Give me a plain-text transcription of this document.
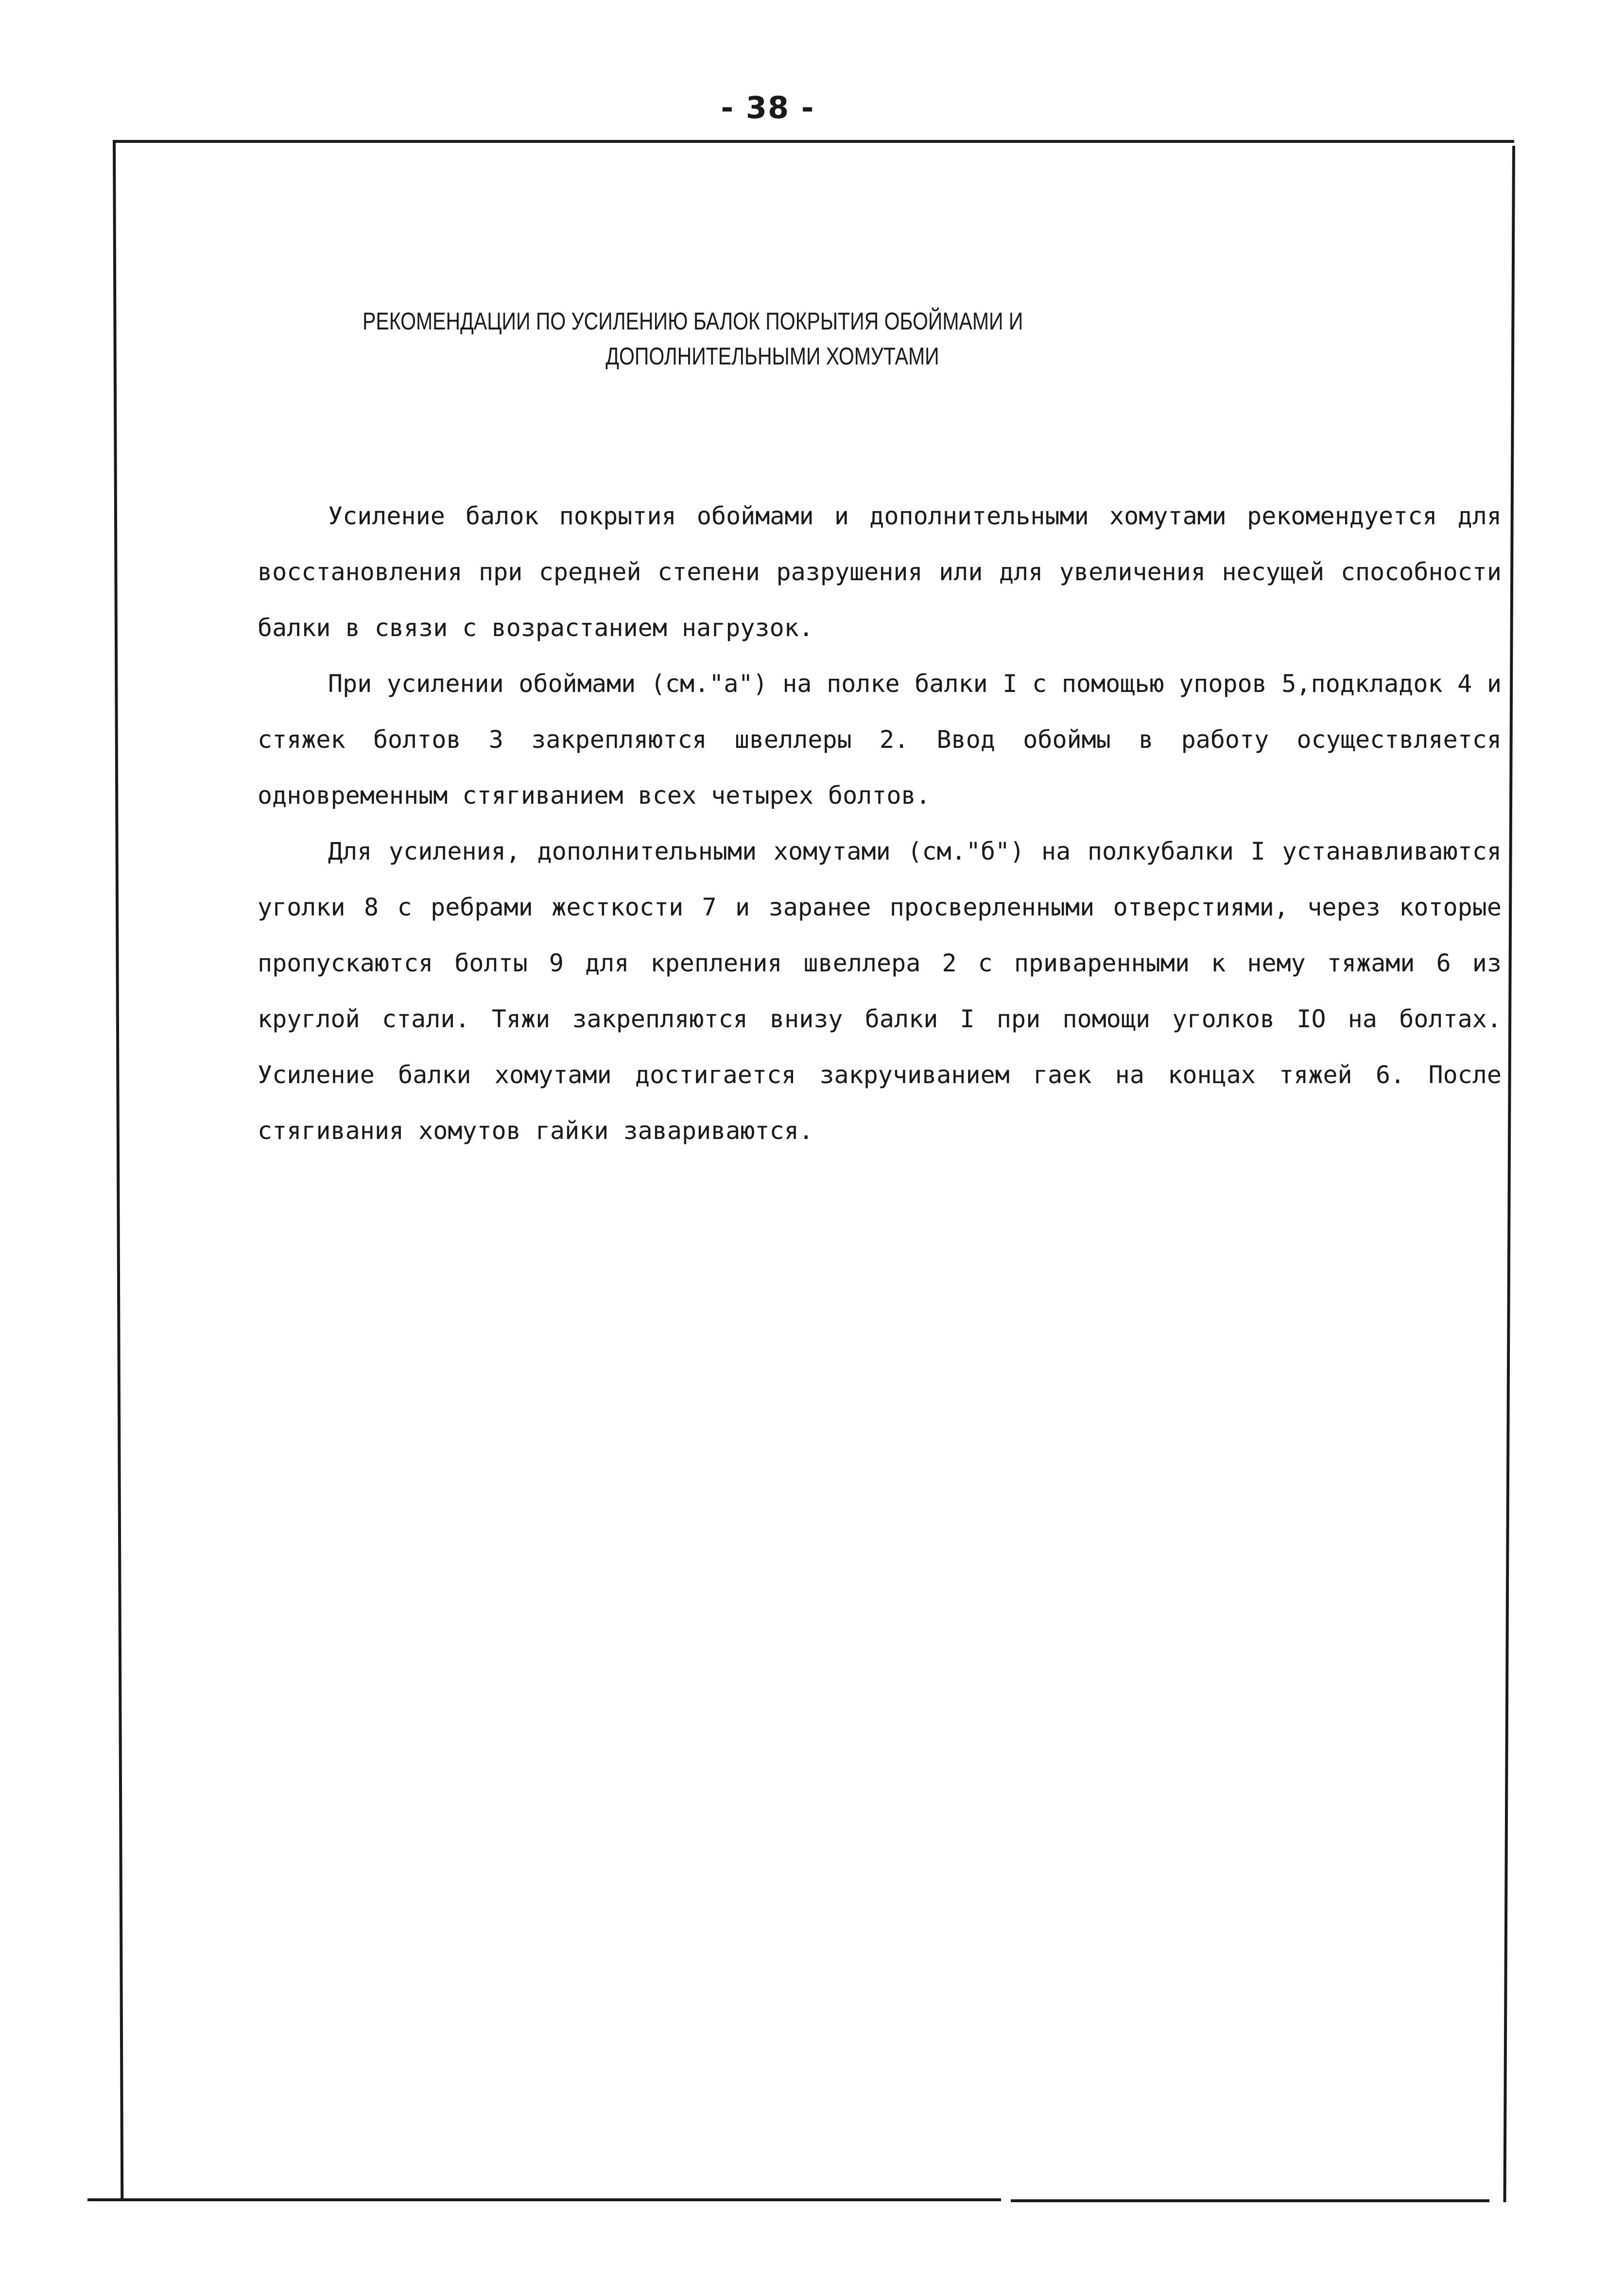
- 38 -
РЕКОМЕНДАЦИИ ПО УСИЛЕНИЮ БАЛОК ПОКРЫТИЯ ОБОЙМАМИ И
ДОПОЛНИТЕЛЬНЫМИ ХОМУТАМИ

Усиление балок покрытия обоймами и дополнительными хомутами рекомендуется для восстановления при средней степени разрушения или для увеличения несущей способности балки в связи с возрастанием нагрузок.

При усилении обоймами (см."а") на полке балки I с помощью упоров 5,подкладок 4 и стяжек болтов 3 закрепляются швеллеры 2. Ввод обоймы в работу осуществляется одновременным стягиванием всех четырех болтов.

Для усиления, дополнительными хомутами (см."б") на полкубалки I устанавливаются уголки 8 с ребрами жесткости 7 и заранее просверленными отверстиями, через которые пропускаются болты 9 для крепления швеллера 2 с приваренными к нему тяжами 6 из круглой стали. Тяжи закрепляются внизу балки I при помощи уголков IO на болтах. Усиление балки хомутами достигается закручиванием гаек на концах тяжей 6. После стягивания хомутов гайки завариваются.
